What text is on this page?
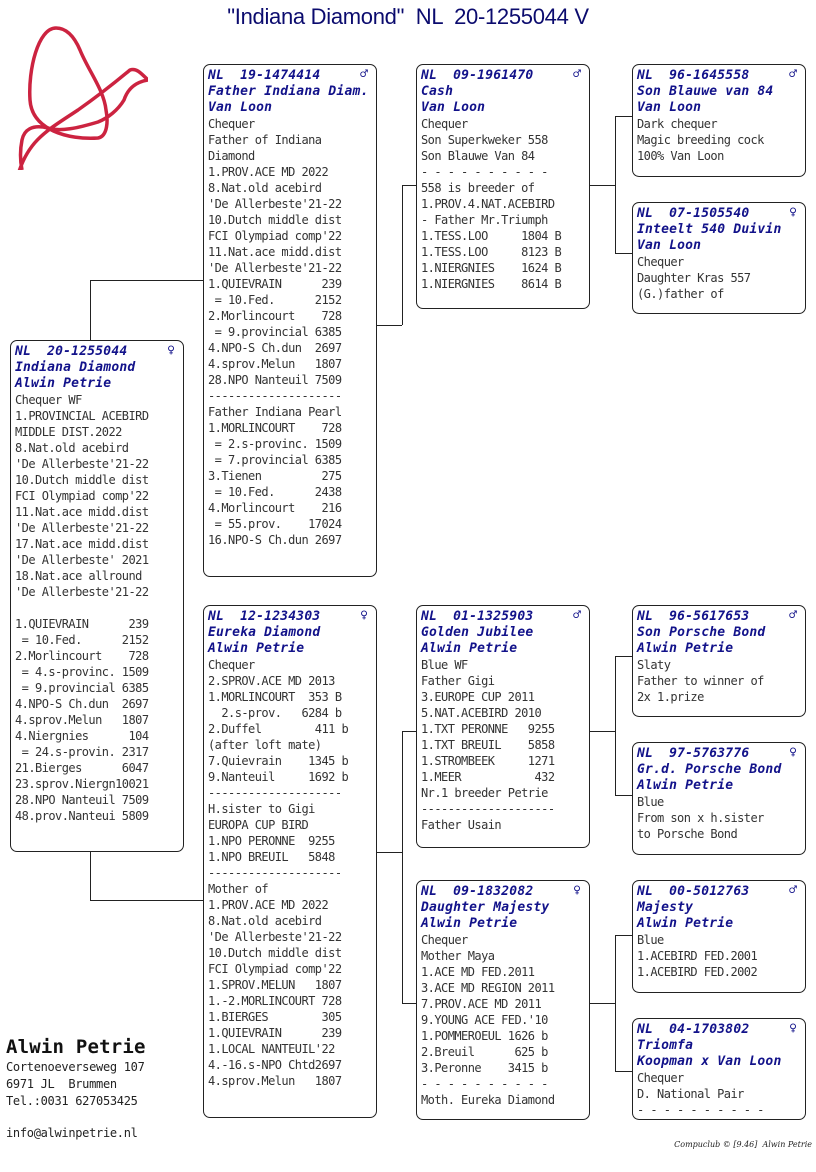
"Indiana Diamond"  NL  20-1255044 V
♀
NL  20-1255044
Indiana Diamond
Alwin Petrie
Chequer WF
1.PROVINCIAL ACEBIRD
MIDDLE DIST.2022
8.Nat.old acebird
'De Allerbeste'21-22
10.Dutch middle dist
FCI Olympiad comp'22
11.Nat.ace midd.dist
'De Allerbeste'21-22
17.Nat.ace midd.dist
'De Allerbeste' 2021
18.Nat.ace allround
'De Allerbeste'21-22
1.QUIEVRAIN      239
= 10.Fed.      2152
2.Morlincourt    728
= 4.s-provinc. 1509
= 9.provincial 6385
4.NPO-S Ch.dun  2697
4.sprov.Melun   1807
4.Niergnies      104
= 24.s-provin. 2317
21.Bierges      6047
23.sprov.Niergn10021
28.NPO Nanteuil 7509
48.prov.Nanteui 5809
♂
NL  19-1474414
Father Indiana Diam.
Van Loon
Chequer
Father of Indiana
Diamond
1.PROV.ACE MD 2022
8.Nat.old acebird
'De Allerbeste'21-22
10.Dutch middle dist
FCI Olympiad comp'22
11.Nat.ace midd.dist
'De Allerbeste'21-22
1.QUIEVRAIN      239
= 10.Fed.      2152
2.Morlincourt    728
= 9.provincial 6385
4.NPO-S Ch.dun  2697
4.sprov.Melun   1807
28.NPO Nanteuil 7509
--------------------
Father Indiana Pearl
1.MORLINCOURT    728
= 2.s-provinc. 1509
= 7.provincial 6385
3.Tienen         275
= 10.Fed.      2438
4.Morlincourt    216
= 55.prov.    17024
16.NPO-S Ch.dun 2697
♀
NL  12-1234303
Eureka Diamond
Alwin Petrie
Chequer
2.SPROV.ACE MD 2013
1.MORLINCOURT  353 B
2.s-prov.   6284 b
2.Duffel        411 b
(after loft mate)
7.Quievrain    1345 b
9.Nanteuil     1692 b
--------------------
H.sister to Gigi
EUROPA CUP BIRD
1.NPO PERONNE  9255
1.NPO BREUIL   5848
--------------------
Mother of
1.PROV.ACE MD 2022
8.Nat.old acebird
'De Allerbeste'21-22
10.Dutch middle dist
FCI Olympiad comp'22
1.SPROV.MELUN   1807
1.-2.MORLINCOURT 728
1.BIERGES        305
1.QUIEVRAIN      239
1.LOCAL NANTEUIL'22
4.-16.s-NPO Chtd2697
4.sprov.Melun   1807
♂
NL  09-1961470
Cash
Van Loon
Chequer
Son Superkweker 558
Son Blauwe Van 84
- - - - - - - - - -
558 is breeder of
1.PROV.4.NAT.ACEBIRD
- Father Mr.Triumph
1.TESS.LOO     1804 B
1.TESS.LOO     8123 B
1.NIERGNIES    1624 B
1.NIERGNIES    8614 B
♂
NL  01-1325903
Golden Jubilee
Alwin Petrie
Blue WF
Father Gigi
3.EUROPE CUP 2011
5.NAT.ACEBIRD 2010
1.TXT PERONNE   9255
1.TXT BREUIL    5858
1.STROMBEEK     1271
1.MEER           432
Nr.1 breeder Petrie
--------------------
Father Usain
♀
NL  09-1832082
Daughter Majesty
Alwin Petrie
Chequer
Mother Maya
1.ACE MD FED.2011
3.ACE MD REGION 2011
7.PROV.ACE MD 2011
9.YOUNG ACE FED.'10
1.POMMEROEUL 1626 b
2.Breuil      625 b
3.Peronne    3415 b
- - - - - - - - - -
Moth. Eureka Diamond
♂
NL  96-1645558
Son Blauwe van 84
Van Loon
Dark chequer
Magic breeding cock
100% Van Loon
♀
NL  07-1505540
Inteelt 540 Duivin
Van Loon
Chequer
Daughter Kras 557
(G.)father of
♂
NL  96-5617653
Son Porsche Bond
Alwin Petrie
Slaty
Father to winner of
2x 1.prize
♀
NL  97-5763776
Gr.d. Porsche Bond
Alwin Petrie
Blue
From son x h.sister
to Porsche Bond
♂
NL  00-5012763
Majesty
Alwin Petrie
Blue
1.ACEBIRD FED.2001
1.ACEBIRD FED.2002
♀
NL  04-1703802
Triomfa
Koopman x Van Loon
Chequer
D. National Pair
- - - - - - - - - -
Alwin Petrie
Cortenoeverseweg 107
6971 JL  Brummen
Tel.:0031 627053425
info@alwinpetrie.nl
Compuclub © [9.46]  Alwin Petrie
